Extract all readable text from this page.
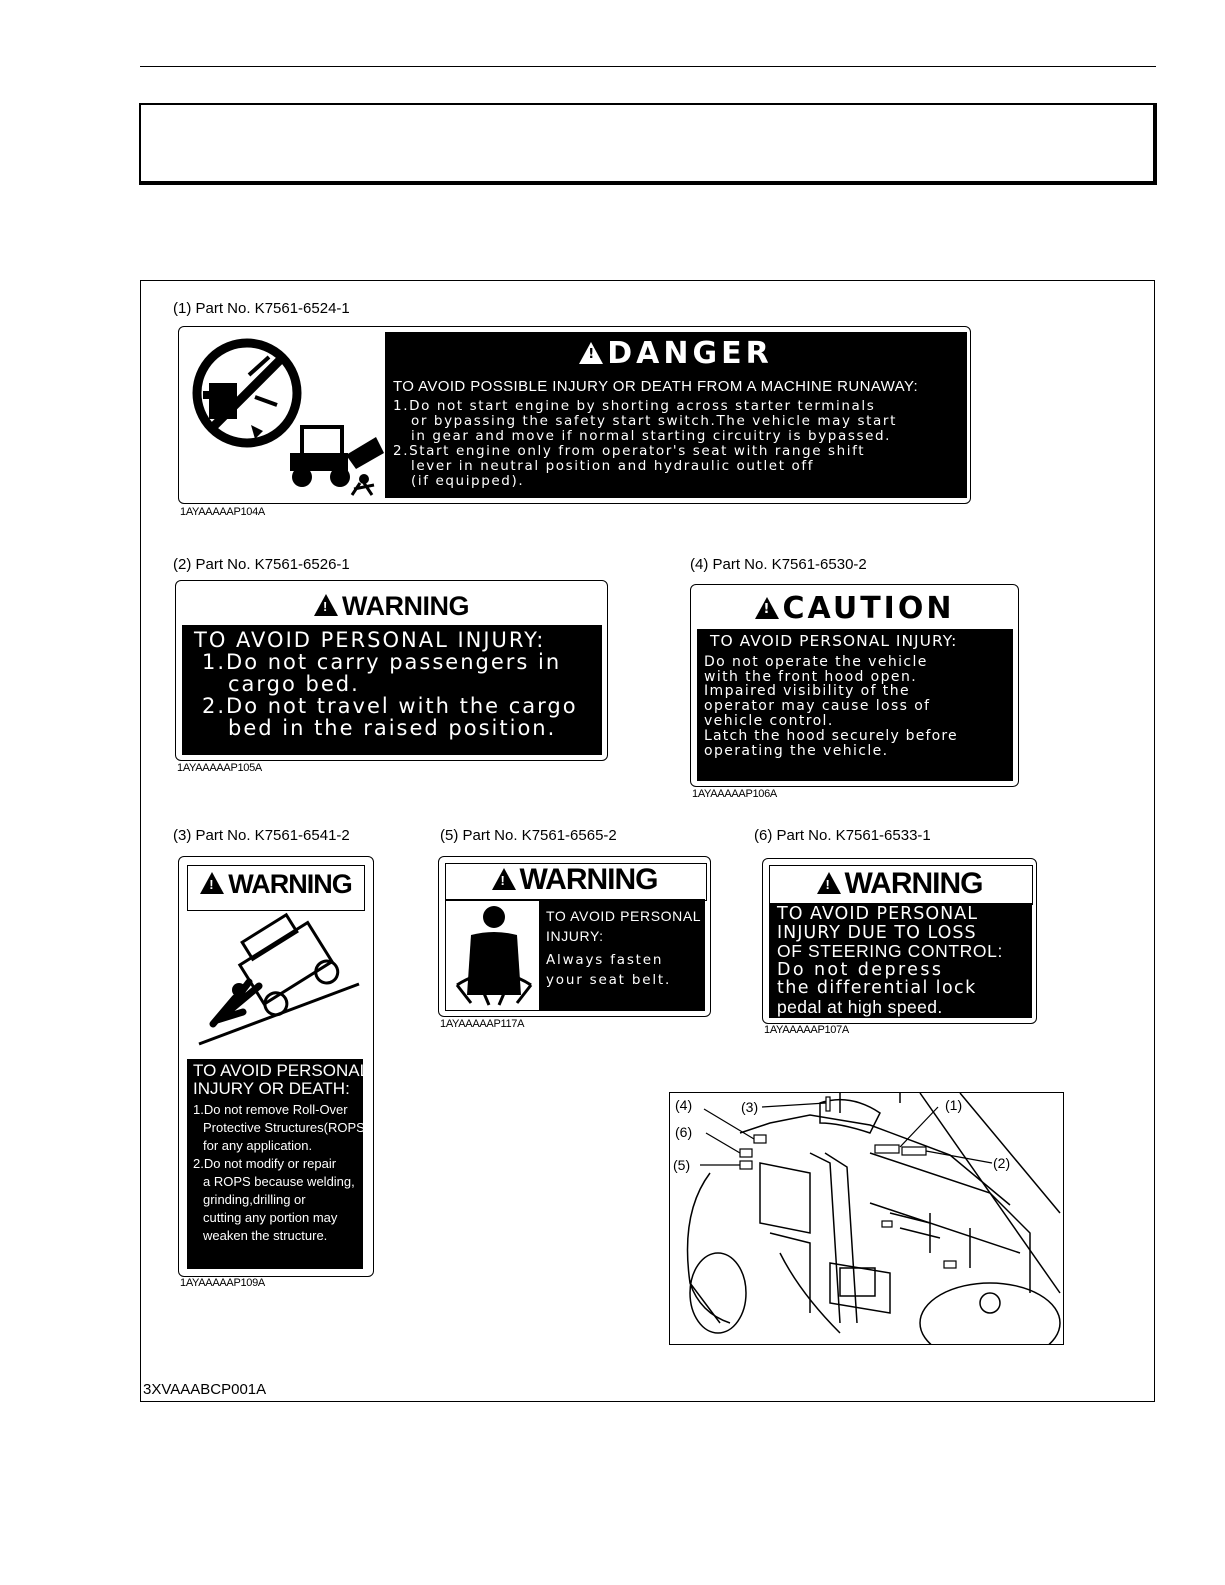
(1) Part No. K7561-6524-1
!DANGER
TO AVOID POSSIBLE INJURY OR DEATH FROM A MACHINE RUNAWAY:
1.Do not start engine by shorting across starter terminals
or bypassing the safety start switch.The vehicle may start
in gear and move if normal starting circuitry is bypassed.
2.Start engine only from operator's seat with range shift
lever in neutral position and hydraulic outlet off
(if equipped).
1AYAAAAAP104A
(2) Part No. K7561-6526-1
!WARNING
TO AVOID PERSONAL INJURY:
1.Do not carry passengers in
cargo bed.
2.Do not travel with the cargo
bed in the raised position.
1AYAAAAAP105A
(4) Part No. K7561-6530-2
!CAUTION
TO AVOID PERSONAL INJURY:
Do not operate the vehicle
with the front hood open.
Impaired visibility of the
operator may cause loss of
vehicle control.
Latch the hood securely before
operating the vehicle.
1AYAAAAAP106A
(3) Part No. K7561-6541-2
!WARNING
TO AVOID PERSONAL
INJURY OR DEATH:
1.Do not remove Roll-Over
Protective Structures(ROPS)
for any application.
2.Do not modify or repair
a ROPS because welding,
grinding,drilling or
cutting any portion may
weaken the structure.
1AYAAAAAP109A
(5) Part No. K7561-6565-2
!WARNING
TO AVOID PERSONAL
INJURY:
Always fasten
your seat belt.
1AYAAAAAP117A
(6) Part No. K7561-6533-1
!WARNING
TO AVOID PERSONAL
INJURY DUE TO LOSS
OF STEERING CONTROL:
Do not depress
the differential lock
pedal at high speed.
1AYAAAAAP107A
(4)	(3)	(1)
(6)
(5)	(2)
3XVAAABCP001A
